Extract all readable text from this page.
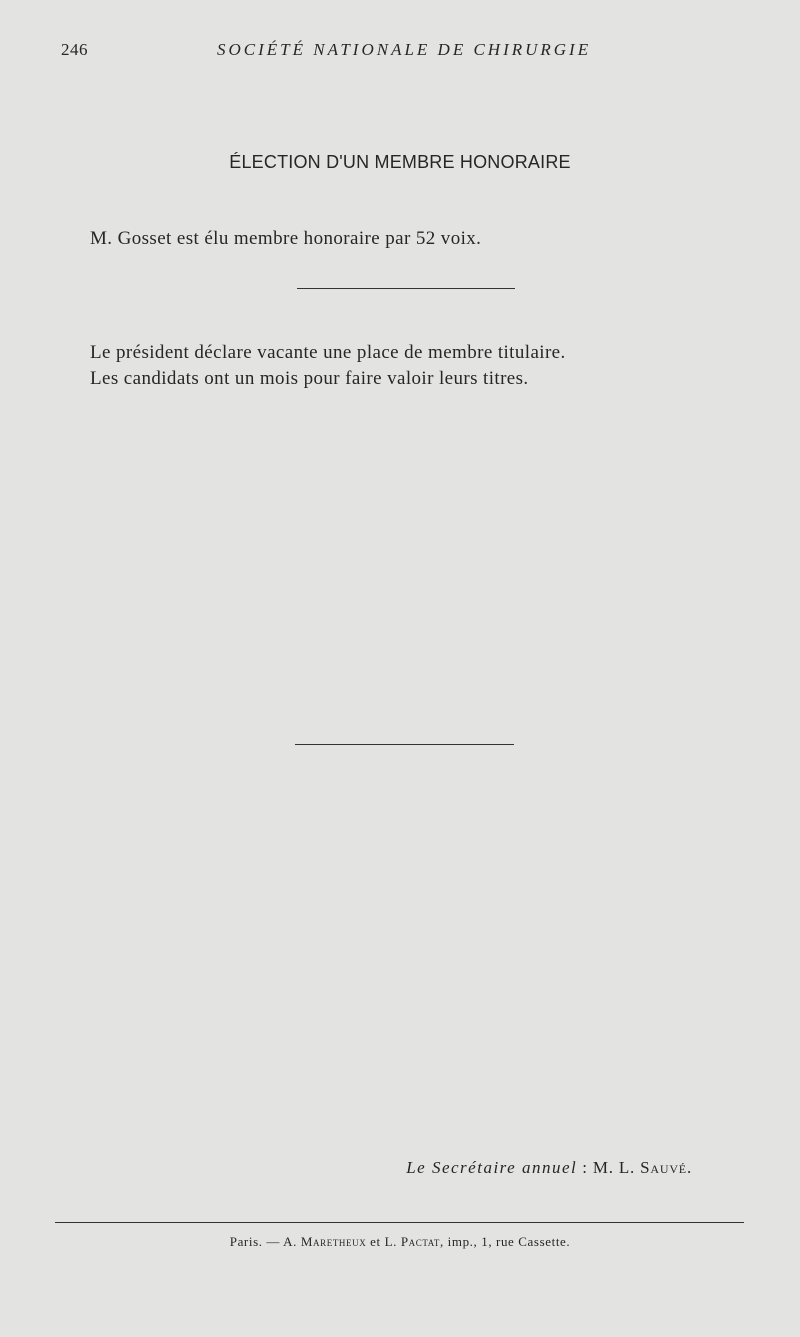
246	SOCIÉTÉ NATIONALE DE CHIRURGIE
ÉLECTION D'UN MEMBRE HONORAIRE
M. Gosset est élu membre honoraire par 52 voix.
Le président déclare vacante une place de membre titulaire.
Les candidats ont un mois pour faire valoir leurs titres.
Le Secrétaire annuel : M. L. Sauvé.
Paris. — A. Maretheux et L. Pactat, imp., 1, rue Cassette.
